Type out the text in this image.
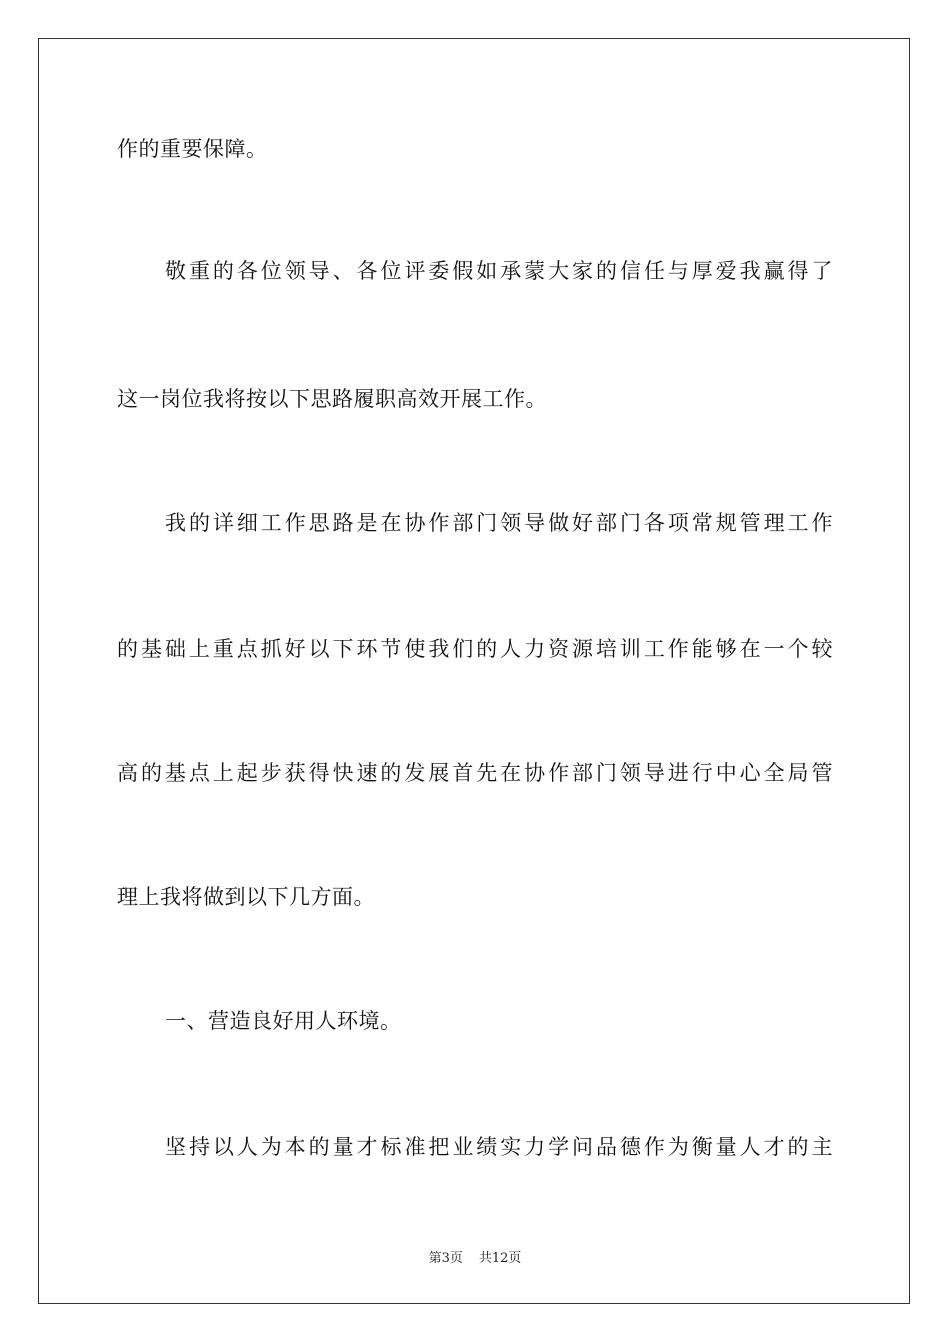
作的重要保障。
敬重的各位领导、各位评委假如承蒙大家的信任与厚爱我赢得了
这一岗位我将按以下思路履职高效开展工作。
我的详细工作思路是在协作部门领导做好部门各项常规管理工作
的基础上重点抓好以下环节使我们的人力资源培训工作能够在一个较
高的基点上起步获得快速的发展首先在协作部门领导进行中心全局管
理上我将做到以下几方面。
一、营造良好用人环境。
坚持以人为本的量才标准把业绩实力学问品德作为衡量人才的主
第3页 共12页
